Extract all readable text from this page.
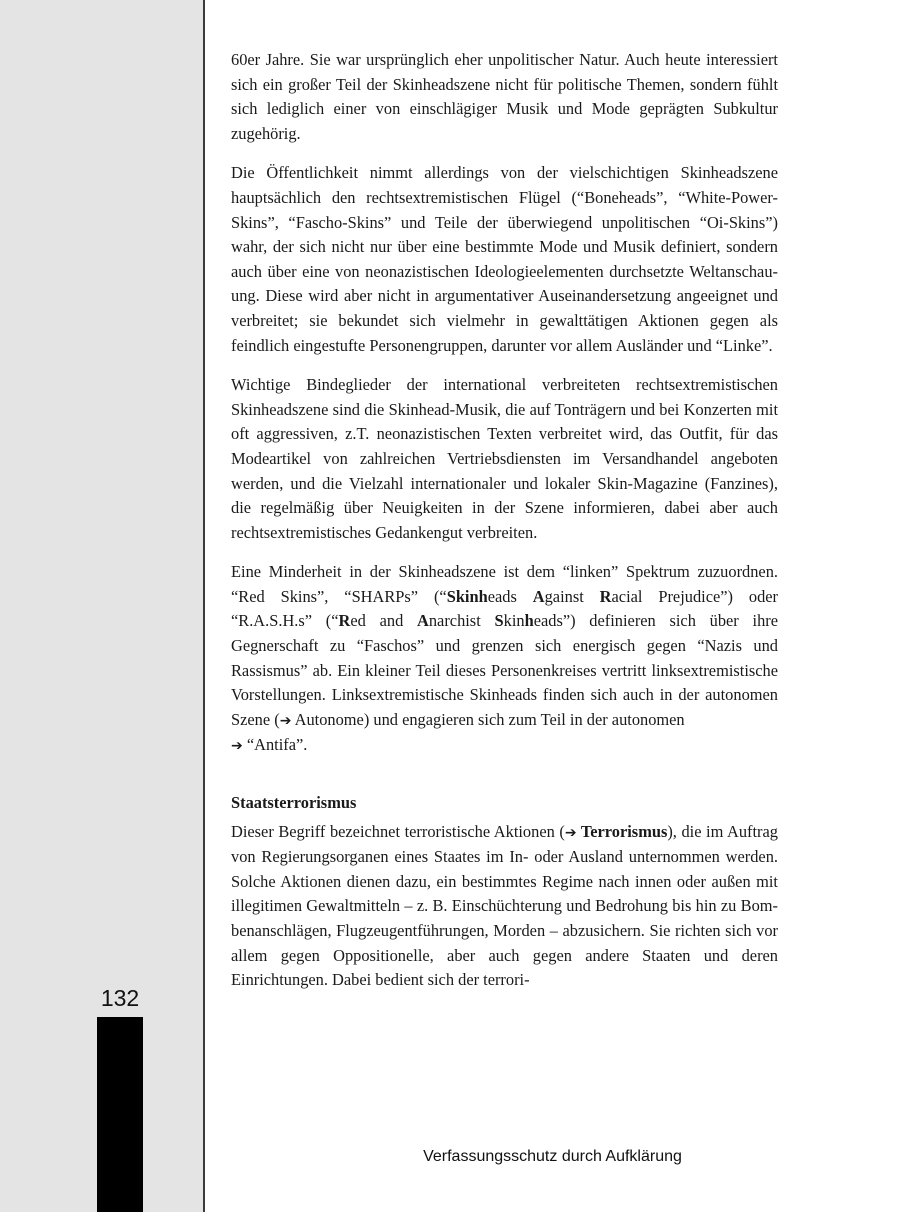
132

60er Jahre. Sie war ursprünglich eher unpolitischer Natur. Auch heute interessiert sich ein großer Teil der Skinheadszene nicht für politische Themen, sondern fühlt sich lediglich einer von einschlägiger Musik und Mode geprägten Subkultur zugehörig.

Die Öffentlichkeit nimmt allerdings von der vielschichtigen Skinheadszene hauptsächlich den rechtsextremistischen Flügel (“Boneheads”, “White-Power-Skins”, “Fascho-Skins” und Teile der überwiegend unpolitischen “Oi-Skins”) wahr, der sich nicht nur über eine bestimmte Mode und Musik definiert, sondern auch über eine von neonazistischen Ideologieelementen durchsetzte Weltanschauung. Diese wird aber nicht in argumentativer Auseinandersetzung angeeignet und verbreitet; sie bekundet sich vielmehr in gewalttätigen Aktionen gegen als feindlich eingestufte Personengruppen, darunter vor allem Ausländer und “Linke”.

Wichtige Bindeglieder der international verbreiteten rechtsextremistischen Skinheadszene sind die Skinhead-Musik, die auf Tonträgern und bei Konzerten mit oft aggressiven, z.T. neonazistischen Texten verbreitet wird, das Outfit, für das Modeartikel von zahlreichen Vertriebsdiensten im Versandhandel angeboten werden, und die Vielzahl internationaler und lokaler Skin-Magazine (Fanzines), die regelmäßig über Neuigkeiten in der Szene informieren, dabei aber auch rechtsextremistisches Gedankengut verbreiten.

Eine Minderheit in der Skinheadszene ist dem “linken” Spektrum zuzuordnen. “Red Skins”, “SHARPs” (“Skinheads Against Racial Prejudice”) oder “R.A.S.H.s” (“Red and Anarchist Skinheads”) definieren sich über ihre Gegnerschaft zu “Faschos” und grenzen sich energisch gegen “Nazis und Rassismus” ab. Ein kleiner Teil dieses Personenkreises vertritt linksextremistische Vorstellungen. Linksextremistische Skinheads finden sich auch in der autonomen Szene (➔ Autonome) und engagieren sich zum Teil in der autonomen
➔ “Antifa”.

Staatsterrorismus

Dieser Begriff bezeichnet terroristische Aktionen (➔ Terrorismus), die im Auftrag von Regierungsorganen eines Staates im In- oder Ausland unternommen werden. Solche Aktionen dienen dazu, ein bestimmtes Regime nach innen oder außen mit illegitimen Gewaltmitteln – z. B. Einschüchterung und Bedrohung bis hin zu Bombenanschlägen, Flugzeugentführungen, Morden – abzusichern. Sie richten sich vor allem gegen Oppositionelle, aber auch gegen andere Staaten und deren Einrichtungen. Dabei bedient sich der terrori-

Verfassungsschutz durch Aufklärung
